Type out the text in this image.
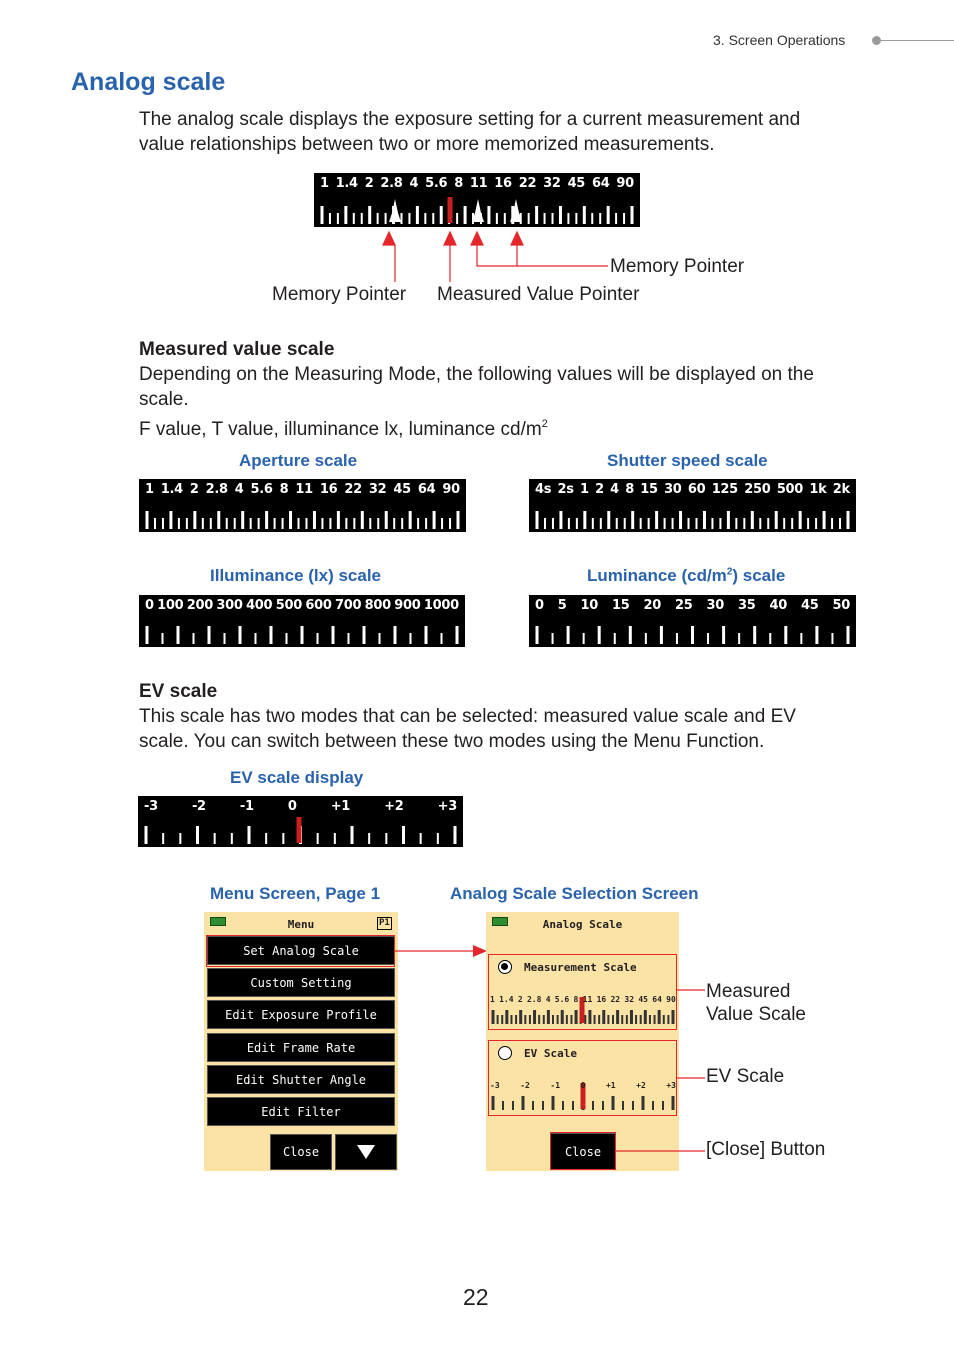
3. Screen Operations
Analog scale
The analog scale displays the exposure setting for a current measurement and
value relationships between two or more memorized measurements.
1 1.4 2 2.8 4 5.6 8 11 16 22 32 45 64 90
Memory Pointer
Memory Pointer Measured Value Pointer
Measured value scale
Depending on the Measuring Mode, the following values will be displayed on the
scale.
F value, T value, illuminance lx, luminance $cd/m^2$
Aperture scale	Shutter speed scale
1 1.4 2 2.8 4 5.6 8 11 16 22 32 45 64 90	4s 2s 1 2 4 8 15 30 60 125 250 500 1k 2k
Illuminance (lx) scale	Luminance $(cd/m^2)$ scale
0 100 200 300 400 500 600 700 800 900 1000	0 5 10 15 20 25 30 35 40 45 50
EV scale
This scale has two modes that can be selected: measured value scale and EV
scale. You can switch between these two modes using the Menu Function.
EV scale display
-3	-2	-1	0	+1	+2	+3
Menu Screen, Page 1	Analog Scale Selection Screen
Menu	P1
Set Analog Scale
Custom Setting
Edit Exposure Profile
Edit Frame Rate
Edit Shutter Angle
Edit Filter
Close
Analog Scale
Measurement Scale
1 1.4 2 2.8 4 5.6 8 11 16 22 32 45 64 90
EV Scale
-3	-2	-1	0	+1	+2	+3
Close
Measured
Value Scale
EV Scale
[Close] Button
22
